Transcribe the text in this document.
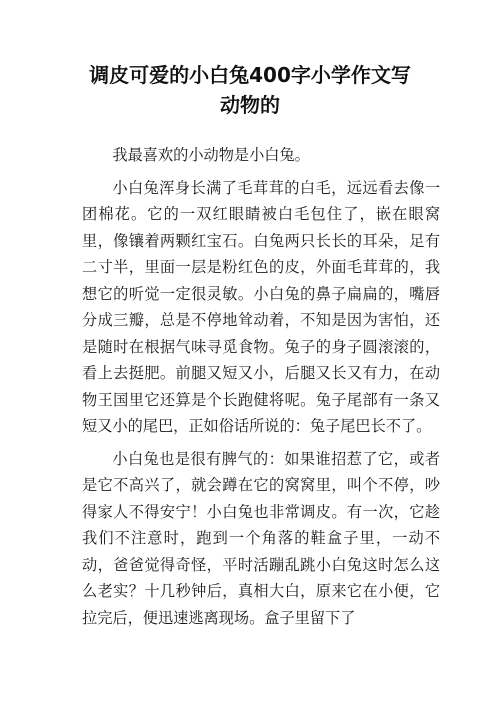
调皮可爱的小白兔400字小学作文写
动物的

我最喜欢的小动物是小白兔。

小白兔浑身长满了毛茸茸的白毛，远远看去像一团棉花。它的一双红眼睛被白毛包住了，嵌在眼窝里，像镶着两颗红宝石。白兔两只长长的耳朵，足有二寸半，里面一层是粉红色的皮，外面毛茸茸的，我想它的听觉一定很灵敏。小白兔的鼻子扁扁的，嘴唇分成三瓣，总是不停地耸动着，不知是因为害怕，还是随时在根据气味寻觅食物。兔子的身子圆滚滚的，看上去挺肥。前腿又短又小，后腿又长又有力，在动物王国里它还算是个长跑健将呢。兔子尾部有一条又短又小的尾巴，正如俗话所说的：兔子尾巴长不了。

小白兔也是很有脾气的：如果谁招惹了它，或者是它不高兴了，就会蹲在它的窝窝里，叫个不停，吵得家人不得安宁！小白兔也非常调皮。有一次，它趁我们不注意时，跑到一个角落的鞋盒子里，一动不动，爸爸觉得奇怪，平时活蹦乱跳小白兔这时怎么这么老实？十几秒钟后，真相大白，原来它在小便，它拉完后，便迅速逃离现场。盒子里留下了
